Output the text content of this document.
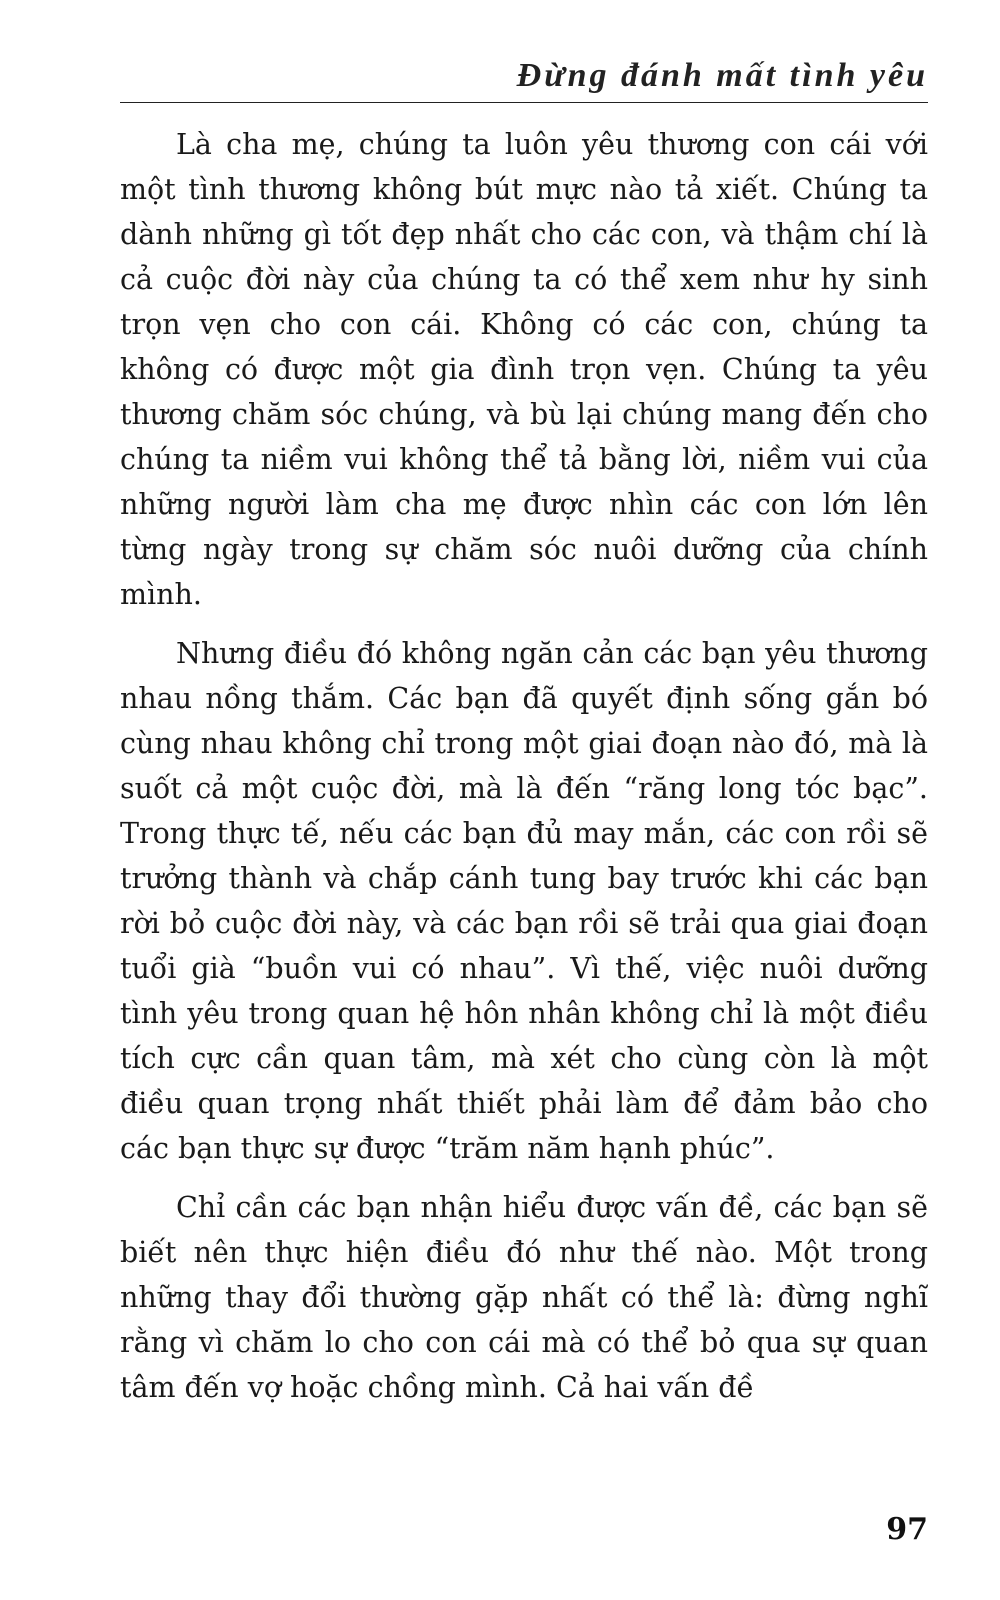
Đừng đánh mất tình yêu

Là cha mẹ, chúng ta luôn yêu thương con cái với một tình thương không bút mực nào tả xiết. Chúng ta dành những gì tốt đẹp nhất cho các con, và thậm chí là cả cuộc đời này của chúng ta có thể xem như hy sinh trọn vẹn cho con cái. Không có các con, chúng ta không có được một gia đình trọn vẹn. Chúng ta yêu thương chăm sóc chúng, và bù lại chúng mang đến cho chúng ta niềm vui không thể tả bằng lời, niềm vui của những người làm cha mẹ được nhìn các con lớn lên từng ngày trong sự chăm sóc nuôi dưỡng của chính mình.

Nhưng điều đó không ngăn cản các bạn yêu thương nhau nồng thắm. Các bạn đã quyết định sống gắn bó cùng nhau không chỉ trong một giai đoạn nào đó, mà là suốt cả một cuộc đời, mà là đến “răng long tóc bạc”. Trong thực tế, nếu các bạn đủ may mắn, các con rồi sẽ trưởng thành và chắp cánh tung bay trước khi các bạn rời bỏ cuộc đời này, và các bạn rồi sẽ trải qua giai đoạn tuổi già “buồn vui có nhau”. Vì thế, việc nuôi dưỡng tình yêu trong quan hệ hôn nhân không chỉ là một điều tích cực cần quan tâm, mà xét cho cùng còn là một điều quan trọng nhất thiết phải làm để đảm bảo cho các bạn thực sự được “trăm năm hạnh phúc”.

Chỉ cần các bạn nhận hiểu được vấn đề, các bạn sẽ biết nên thực hiện điều đó như thế nào. Một trong những thay đổi thường gặp nhất có thể là: đừng nghĩ rằng vì chăm lo cho con cái mà có thể bỏ qua sự quan tâm đến vợ hoặc chồng mình. Cả hai vấn đề

97
